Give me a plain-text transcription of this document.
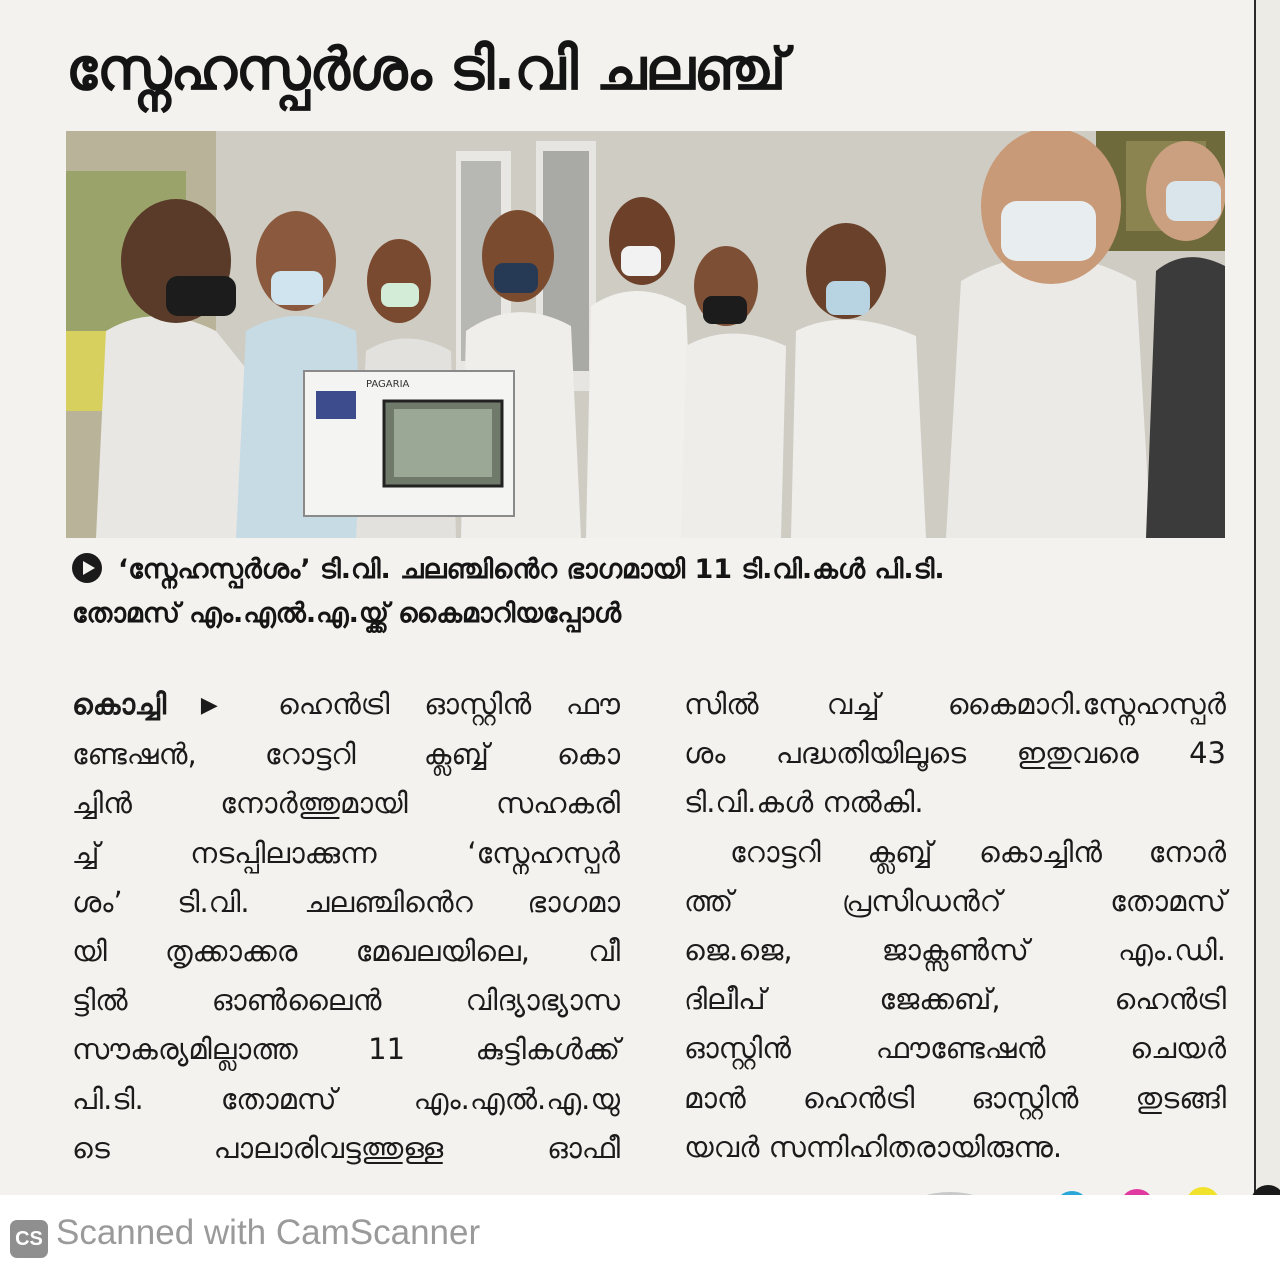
സ്നേഹസ്പർശം ടി.വി ചലഞ്ച്
PAGARIA
‘സ്നേഹസ്പർശം’ ടി.വി. ചലഞ്ചിൻെറ ഭാഗമായി 11 ടി.വി.കൾ പി.ടി.
തോമസ് എം.എൽ.എ.യ്ക്ക് കൈമാറിയപ്പോൾ
കൊച്ചി ▶ ഹെൻട്രി ഓസ്റ്റിൻ ഫൗ
ണ്ടേഷൻ, റോട്ടറി ക്ലബ്ബ് കൊ
ച്ചിൻ നോർത്തുമായി സഹകരി
ച്ച് നടപ്പിലാക്കുന്ന ‘സ്നേഹസ്പർ
ശം’ ടി.വി. ചലഞ്ചിൻെറ ഭാഗമാ
യി തൃക്കാക്കര മേഖലയിലെ, വീ
ട്ടിൽ ഓൺലൈൻ വിദ്യാഭ്യാസ
സൗകര്യമില്ലാത്ത 11 കുട്ടികൾക്ക്
പി.ടി. തോമസ് എം.എൽ.എ.യു
ടെ പാലാരിവട്ടത്തുള്ള ഓഫീ
സിൽ വച്ച് കൈമാറി.സ്നേഹസ്പർ
ശം പദ്ധതിയിലൂടെ ഇതുവരെ 43
ടി.വി.കൾ നൽകി.
റോട്ടറി ക്ലബ്ബ് കൊച്ചിൻ നോർ
ത്ത് പ്രസിഡൻറ് തോമസ്
ജെ.ജെ, ജാക്സൺസ് എം.ഡി.
ദിലീപ് ജേക്കബ്, ഹെൻട്രി
ഓസ്റ്റിൻ ഫൗണ്ടേഷൻ ചെയർ
മാൻ ഹെൻട്രി ഓസ്റ്റിൻ തുടങ്ങി
യവർ സന്നിഹിതരായിരുന്നു.
CS Scanned with CamScanner
